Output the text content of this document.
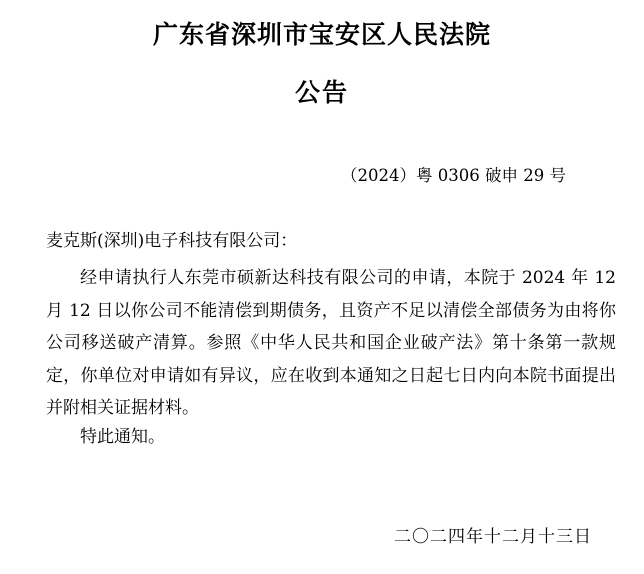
广东省深圳市宝安区人民法院
公告
（2024）粤 0306 破申 29 号
麦克斯(深圳)电子科技有限公司：

经申请执行人东莞市硕新达科技有限公司的申请，本院于 2024 年 12 月 12 日以你公司不能清偿到期债务，且资产不足以清偿全部债务为由将你公司移送破产清算。参照《中华人民共和国企业破产法》第十条第一款规定，你单位对申请如有异议，应在收到本通知之日起七日内向本院书面提出并附相关证据材料。

特此通知。
二〇二四年十二月十三日
